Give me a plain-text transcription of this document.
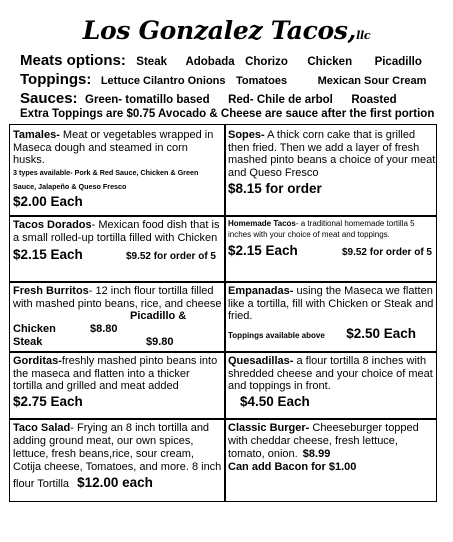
Los Gonzalez Tacos,llc
Meats options: Steak Adobada Chorizo Chicken Picadillo
Toppings: Lettuce Cilantro Onions Tomatoes	Mexican Sour Cream
Sauces: Green- tomatillo based Red- Chile de arbol Roasted
Extra Toppings are $0.75 Avocado & Cheese are sauce after the first portion
Tamales- Meat or vegetables wrapped in Maseca dough and steamed in corn husks.
3 types available- Pork & Red Sauce, Chicken & Green
Sauce, Jalapeño & Queso Fresco
$2.00 Each
Sopes- A thick corn cake that is grilled then fried. Then we add a layer of fresh mashed pinto beans a choice of your meat and Queso Fresco
$8.15 for order
Tacos Dorados- Mexican food dish that is a small rolled-up tortilla filled with Chicken
$2.15 Each	$9.52 for order of 5
Homemade Tacos- a traditional homemade tortilla 5 inches with your choice of meat and toppings.
$2.15 Each	$9.52 for order of 5
Fresh Burritos- 12 inch flour tortilla filled with mashed pinto beans, rice, and cheese
Picadillo &
Chicken	$8.80
Steak	$9.80
Empanadas- using the Maseca we flatten like a tortilla, fill with Chicken or Steak and fried.
Toppings available above $2.50 Each
Gorditas-freshly mashed pinto beans into the maseca and flatten into a thicker tortilla and grilled and meat added
$2.75 Each
Quesadillas- a flour tortilla 8 inches with shredded cheese and your choice of meat and toppings in front.
$4.50 Each
Taco Salad- Frying an 8 inch tortilla and adding ground meat, our own spices, lettuce, fresh beans,rice, sour cream, Cotija cheese, Tomatoes, and more. 8 inch flour Tortilla $12.00 each
Classic Burger- Cheeseburger topped with cheddar cheese, fresh lettuce, tomato, onion. $8.99
Can add Bacon for $1.00
